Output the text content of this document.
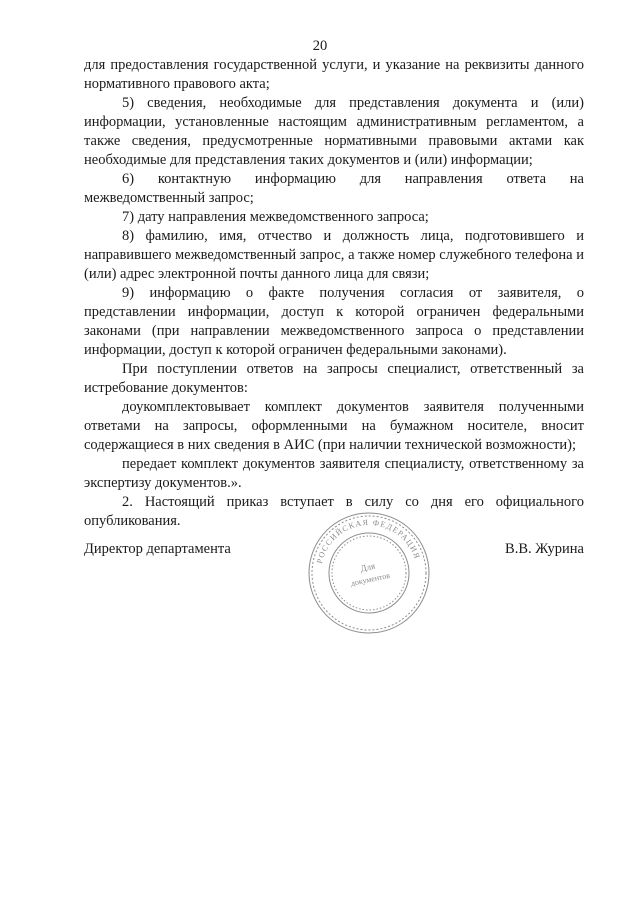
20

для предоставления государственной услуги, и указание на реквизиты данного нормативного правового акта;

5) сведения, необходимые для представления документа и (или) информации, установленные настоящим административным регламентом, а также сведения, предусмотренные нормативными правовыми актами как необходимые для представления таких документов и (или) информации;

6) контактную информацию для направления ответа на межведомственный запрос;

7) дату направления межведомственного запроса;

8) фамилию, имя, отчество и должность лица, подготовившего и направившего межведомственный запрос, а также номер служебного телефона и (или) адрес электронной почты данного лица для связи;

9) информацию о факте получения согласия от заявителя, о представлении информации, доступ к которой ограничен федеральными законами (при направлении межведомственного запроса о представлении информации, доступ к которой ограничен федеральными законами).

При поступлении ответов на запросы специалист, ответственный за истребование документов:

доукомплектовывает комплект документов заявителя полученными ответами на запросы, оформленными на бумажном носителе, вносит содержащиеся в них сведения в АИС (при наличии технической возможности);

передает комплект документов заявителя специалисту, ответственному за экспертизу документов.».

2. Настоящий приказ вступает в силу со дня его официального опубликования.

Директор департамента	В.В. Журина
РОССИЙСКАЯ ФЕДЕРАЦИЯ
Для
документов
